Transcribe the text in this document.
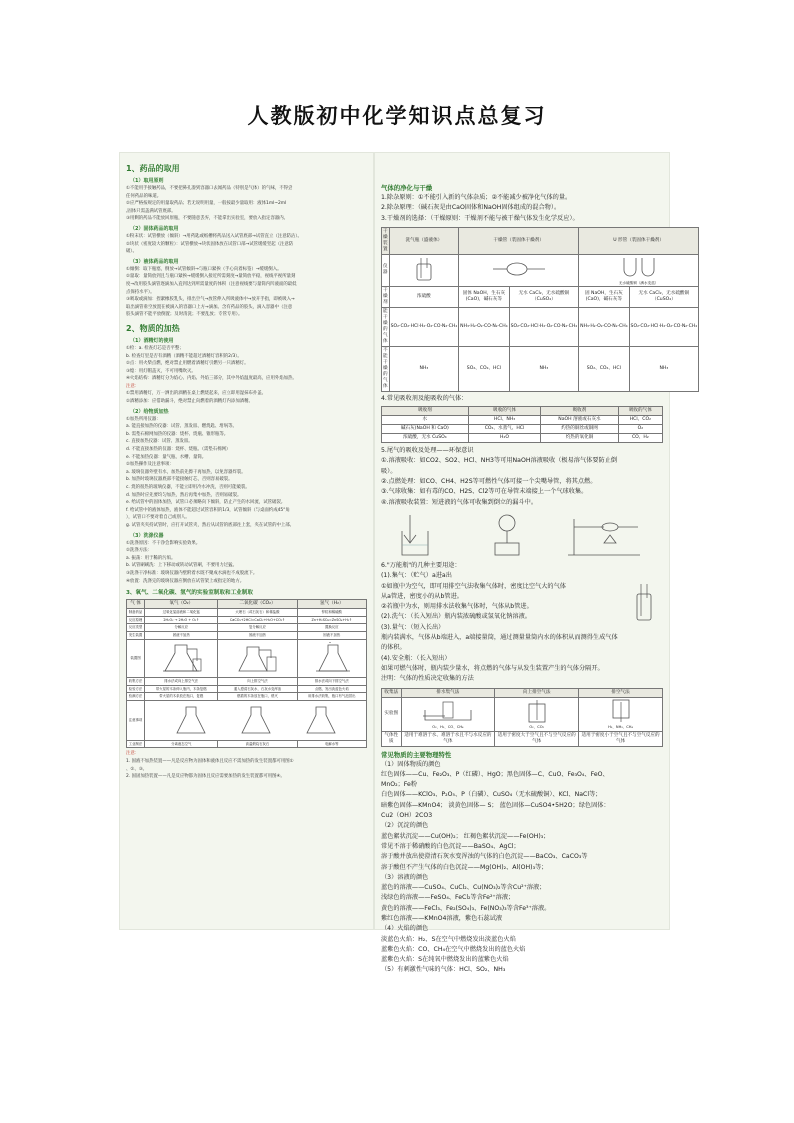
人教版初中化学知识点总复习
1、药品的取用
（1）取用原则
①不能用手接触药品，不要把鼻孔凑到容器口去闻药品（特别是气体）的气味，不得尝
任何药品的味道。
②应严格按规定的用量取药品；若无说明用量，一般按最少量取用：液体1ml~2ml
,固体只需盖满试管底部。
③用剩的药品不能放回原瓶，不要随意丢弃，不能拿出实验室，要放入指定容器内。
（2）固体药品的取用
①粉末状：试管横放（倾斜）→用药匙或纸槽将药品送入试管底部→试管直立（注意防沾）。
②块状（密度较大的颗粒）：试管横放→块状固体放在试管口部→试管缓缓竖起（注意防
破）。
（3）液体药品的取用
①倾倒：取下瓶塞，倒放→试管倾斜→与瓶口紧挨（手心向着标签）→缓缓倒入。
②量取：量筒放到且与瓶口紧挨→缓缓倒入接近所需刻度→量筒放平稳，视线平视所量刻
度→改用胶头滴管逐滴加入直到达到所需量度的体积（注意视线要与量筒内凹液面的最低
点保持水平）。
③吸取或滴加：捏紧橡胶乳头，排出空气→放管伸入所吸液体中→放开手指，即被吸入→
取出滴管垂空放置在被滴入的容器口上方→滴加。含有药品的胶头，滴入容器中（注意
胶头滴管不能平放倒置；及时清洗；不要乱放；专管专用）。
2、物质的加热
（1）酒精灯的使用
①检：a. 检查灯芯是否平整；
b. 检查灯里是否有酒精（酒精不能超过酒精灯容积的2/3）。
②点：用火柴点燃，绝对禁止用燃着酒精灯引燃另一只酒精灯。
③熄：用灯帽盖灭，不可用嘴吹灭。
④火焰结构：酒精灯分为焰心、内焰、外焰三部分，其中外焰温度最高，应用外焰加热。
注意：
①禁用酒精灯，万一洒出的酒精在桌上燃烧起来，应立即用湿抹布扑盖。
②酒精添加：应借助漏斗，绝对禁止向燃着的酒精灯内添加酒精。
（2）给物质加热
①加热所用仪器：
a. 能直接加热的仪器：试管、蒸发皿、燃烧匙、坩埚等。
b. 需垫石棉网加热的仪器：烧杯、烧瓶、锥形瓶等。
c. 直接加热仪器：试管、蒸发皿。
d. 不能直接加热的仪器：烧杯、烧瓶。（需垫石棉网）
e. 不能加热仪器：量气瓶、水槽、量筒。
②加热操作及注意事项：
a. 玻璃仪器外壁有水，加热前先擦干再加热，以免容器炸裂。
b. 加热时玻璃仪器底部不能接触灯芯，否则容易破裂。
c. 烧的很热的玻璃仪器，不能立即用冷水冲洗，否则可能破裂。
d. 加热时应先要均匀加热，然后再集中加热，否则易破裂。
e. 给试管中的固体加热，试管口必须略向下倾斜，防止产生的水回流，试管破裂。
f. 给试管中的液体加热，液体不能超过试管容积的1/3，试管倾斜（与桌面约成45°角
），试管口不要对着自己或别人。
g. 试管夹夹持试管时，应打开试管夹，然后从试管的底部往上套，夹在试管的中上部。
（3）洗涤仪器
①洗涤原因：不干净会影响实验效果。
②洗涤方法：
a. 振荡：用于稀的污垢。
b. 试管刷刷洗：上下移动或转动试管刷，不要用力过猛。
③洗涤干净标准：玻璃仪器内壁附着水既不聚成水滴也不成股流下。
④放置：洗涤完的玻璃仪器应倒放在试管架上或指定的地方。
3、氧气、二氧化碳、氢气的实验室制取和工业制取
气 体	氧气（O₂）	二氧化碳（CO₂）	氢气（H₂）
制备药品	过氧化氢溶液和二氧化锰	大理石（或石灰石）和稀盐酸	锌粒和稀硫酸
反应原理	2H₂O₂ → 2H₂O + O₂↑	CaCO₃+2HCl=CaCl₂+H₂O+CO₂↑	Zn+H₂SO₄=ZnSO₄+H₂↑
反应类型	分解反应	复分解反应	置换反应
发生装置	固液不加热	固液不加热	固液不加热
装置图			
收集方法	排水法或向上排空气法	向上排空气法	排水法或向下排空气法
检验方法	带火星的木条伸入瓶内，木条复燃	通入澄清石灰水，石灰水变浑浊	点燃，发出淡蓝色火焰
验满方法	带火星的木条放在瓶口，复燃	燃着的木条放在瓶口，熄灭	用排水法收集，瓶口有气泡冒出
注意事项	
工业制法	分离液态空气	高温煅烧石灰石	电解水等
注意：
1. 固液不加热装置——凡是反应物为固体和液体且反应不需加热的发生装置都可用图①
、②、③。
2. 固固加热装置——凡是反应物都为固体且反应需要加热的发生装置都可用图④。
气体的净化与干燥
1.除杂原则：①不能引入新的气体杂质；②不能减少被净化气体的量。
2.除杂原理：（碱石灰是由CaO固体和NaOH固体组成的混合物）。
3.干燥剂的选择：（干燥原则：干燥剂不能与被干燥气体发生化学反应）。
干燥装置	洗气瓶（盛液体）	干燥管（装固体干燥剂）		U 形管（装固体干燥剂）	
仪 器				无水硫酸铜（满水变蓝）	

干燥剂	浓硫酸	固体 NaOH，生石灰(CaO)，碱石灰等	无水 CaCl₂，无水硫酸铜（CuSO₄）	固 NaOH，生石灰(CaO)，碱石灰等	无水 CaCl₂，无水硫酸铜（CuSO₄）
能干燥的气体	SO₂·CO₂·HCl·H₂·O₂·CO·N₂·CH₄	NH₃·H₂·O₂·CO·N₂·CH₄	SO₂·CO₂·HCl·H₂·O₂·CO·N₂·CH₄	NH₃·H₂·O₂·CO·N₂·CH₄	SO₂·CO₂·HCl·H₂·O₂·CO·N₂·CH₄
不能干燥的气体	NH₃	SO₂、CO₂、HCl	NH₃	SO₂、CO₂、HCl	NH₃
4.常见吸收剂及能吸收的气体：
吸收剂	吸收的气体	吸收剂	吸收的气体
水	HCl、NH₃	NaOH 溶液或石灰水	HCl、CO₂
碱石灰(NaOH 和 CaO)	CO₂、水蒸气、HCl	灼热的铜丝或铜网	O₂
浓硫酸，无水 CuSO₄	H₂O	灼热的氧化铜	CO、H₂
5.尾气的吸收及处理——环保意识
①.溶液吸收：如CO2、SO2、HCl、NH3等可用NaOH溶液吸收（极易溶气体要防止倒
吸）。
②.点燃处理：如CO、CH4、H2S等可燃性气体可接一个尖嘴导管，将其点燃。
③.气球收集：如有毒的CO、H2S、Cl2等可在导管末端接上一个气球收集。
④.溶液吸收装置：短进液的气体可收集到倒立的漏斗中。
6."万能瓶"的几种主要用途：
(1).集气：（贮气）a进a出
①如瓶中为空气，即可用排空气法收集气体时，密度比空气大的气体
从a管进，密度小的从b管进。
②若瓶中为水，则用排水法收集气体时，气体从b管进。
(2).洗气：（长入短出）瓶内装浓硫酸或氢氧化钠溶液。
(3).量气：（短入长出）
瓶内装满水，气体从b端进入，a端接量筒，通过测量量筒内水的体积从而测得生成气体
的体积。
(4).安全瓶：（长入短出）
如果可燃气体时，瓶内装少量水，将点燃的气体与从发生装置产生的气体分隔开。
注明：气体的性质决定收集的方法
收集法	排水集气法	向上排空气法	排空气法
实验图	O₂、H₂、CO、CH₄	O₂、CO₂	H₂、NH₃、CH₄

气体性质	适用于难溶于水、难溶于水且不与水反应的气体	适用于密度大于空气且不与空气反应的气体	适用于密度小于空气且不与空气反应的气体
常见物质的主要物理特性
（1）固体物质的颜色
红色固体——Cu、Fe₂O₃、P（红磷）、HgO；黑色固体—C、CuO、Fe₃O₄、FeO、
MnO₂；Fe粉
白色固体——KClO₃、P₂O₅、P（白磷）、CuSO₄（无水硫酸铜）、KCl、NaCl等；
暗紫色固体—KMnO4； 淡黄色固体— S； 蓝色固体—CuSO4•5H2O；绿色固体：
Cu2（OH）2CO3
（2）沉淀的颜色
蓝色絮状沉淀——Cu(OH)₂； 红褐色絮状沉淀——Fe(OH)₃；
常见不溶于稀硝酸的白色沉淀——BaSO₄、AgCl；
溶于酸并放出使澄清石灰水变浑浊的气体的白色沉淀——BaCO₃、CaCO₃等
溶于酸但不产生气体的白色沉淀——Mg(OH)₂、Al(OH)₃等；
（3）溶液的颜色
蓝色的溶液——CuSO₄、CuCl₂、Cu(NO₃)₂等含Cu²⁺溶液；
浅绿色的溶液——FeSO₄、FeCl₂等含Fe²⁺溶液；
黄色的溶液——FeCl₃、Fe₂(SO₄)₃、Fe(NO₃)₃等含Fe³⁺溶液。
紫红色溶液——KMnO4溶液，紫色石蕊试液
（4）火焰的颜色
淡蓝色火焰：H₂、S在空气中燃烧发出淡蓝色火焰
蓝紫色火焰：CO、CH₄在空气中燃烧发出的蓝色火焰
蓝紫色火焰：S在纯氧中燃烧发出的蓝紫色火焰
（5）有刺激性气味的气体：HCl、SO₂、NH₃
